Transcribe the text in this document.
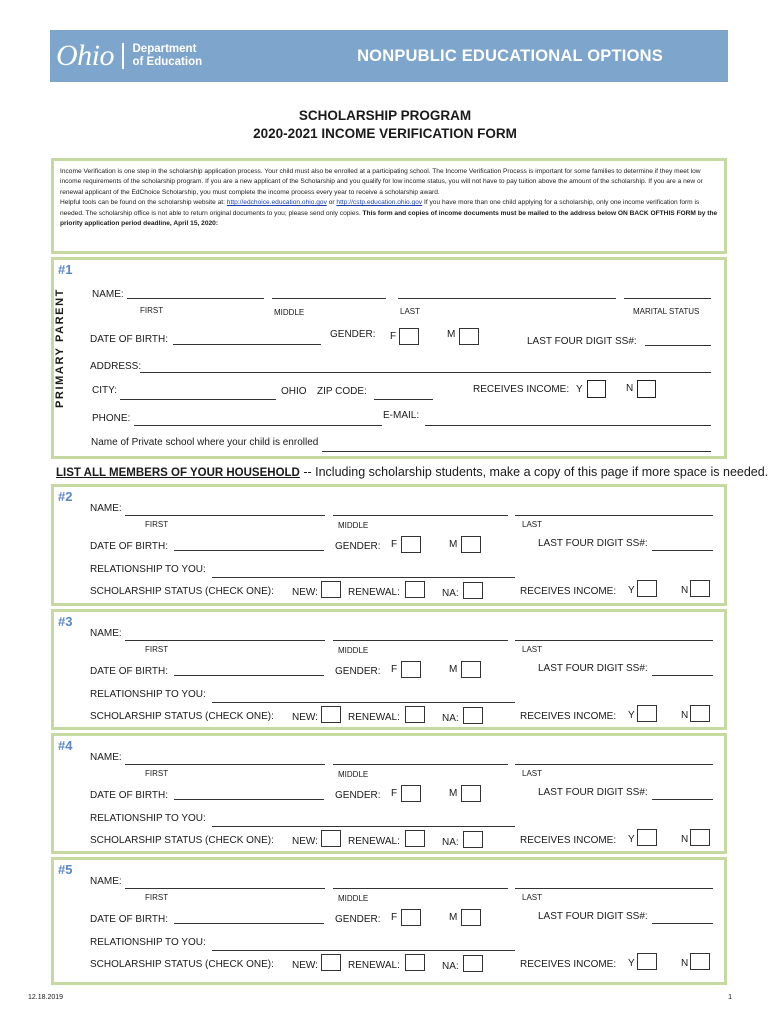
Ohio Department
of Education	NONPUBLIC EDUCATIONAL OPTIONS
SCHOLARSHIP PROGRAM
2020-2021 INCOME VERIFICATION FORM

Income Verification is one step in the scholarship application process. Your child must also be enrolled at a participating school. The Income Verification Process is important for some families to determine if they meet low income requirements of the scholarship program. If you are a new applicant of the Scholarship and you qualify for low income status, you will not have to pay tuition above the amount of the scholarship. If you are a new or renewal applicant of the EdChoice Scholarship, you must complete the income process every year to receive a scholarship award.

Helpful tools can be found on the scholarship website at: http://edchoice.education.ohio.gov or http://cstp.education.ohio.gov If you have more than one child applying for a scholarship, only one income verification form is needed. The scholarship office is not able to return original documents to you; please send only copies. This form and copies of income documents must be mailed to the address below ON BACK OFTHIS FORM by the priority application period deadline, April 15, 2020:

#1
PRIMARY PARENT	NAME:
FIRST	MIDDLE	LAST	MARITAL STATUS
DATE OF BIRTH:	GENDER: F	M
LAST FOUR DIGIT SS#:
ADDRESS:
CITY:	OHIO ZIP CODE:	RECEIVES INCOME: Y	N
PHONE:	E-MAIL:
Name of Private school where your child is enrolled
LIST ALL MEMBERS OF YOUR HOUSEHOLD -- Including scholarship students, make a copy of this page if more space is needed.
#2
NAME:
FIRST	MIDDLE	LAST
DATE OF BIRTH:	GENDER: F	M	LAST FOUR DIGIT SS#:
RELATIONSHIP TO YOU:
SCHOLARSHIP STATUS (CHECK ONE): NEW:	RENEWAL:	NA:	RECEIVES INCOME: Y	N
#3
NAME:
FIRST	MIDDLE	LAST
DATE OF BIRTH:	GENDER: F	M	LAST FOUR DIGIT SS#:
RELATIONSHIP TO YOU:
SCHOLARSHIP STATUS (CHECK ONE): NEW:	RENEWAL:	NA:	RECEIVES INCOME: Y	N
#4
NAME:
FIRST	MIDDLE	LAST
DATE OF BIRTH:	GENDER: F	M	LAST FOUR DIGIT SS#:
RELATIONSHIP TO YOU:
SCHOLARSHIP STATUS (CHECK ONE): NEW:	RENEWAL:	NA:	RECEIVES INCOME: Y	N
#5
NAME:
FIRST	MIDDLE	LAST
DATE OF BIRTH:	GENDER: F	M	LAST FOUR DIGIT SS#:
RELATIONSHIP TO YOU:
SCHOLARSHIP STATUS (CHECK ONE): NEW:	RENEWAL:	NA:	RECEIVES INCOME: Y	N
12.18.2019	1
